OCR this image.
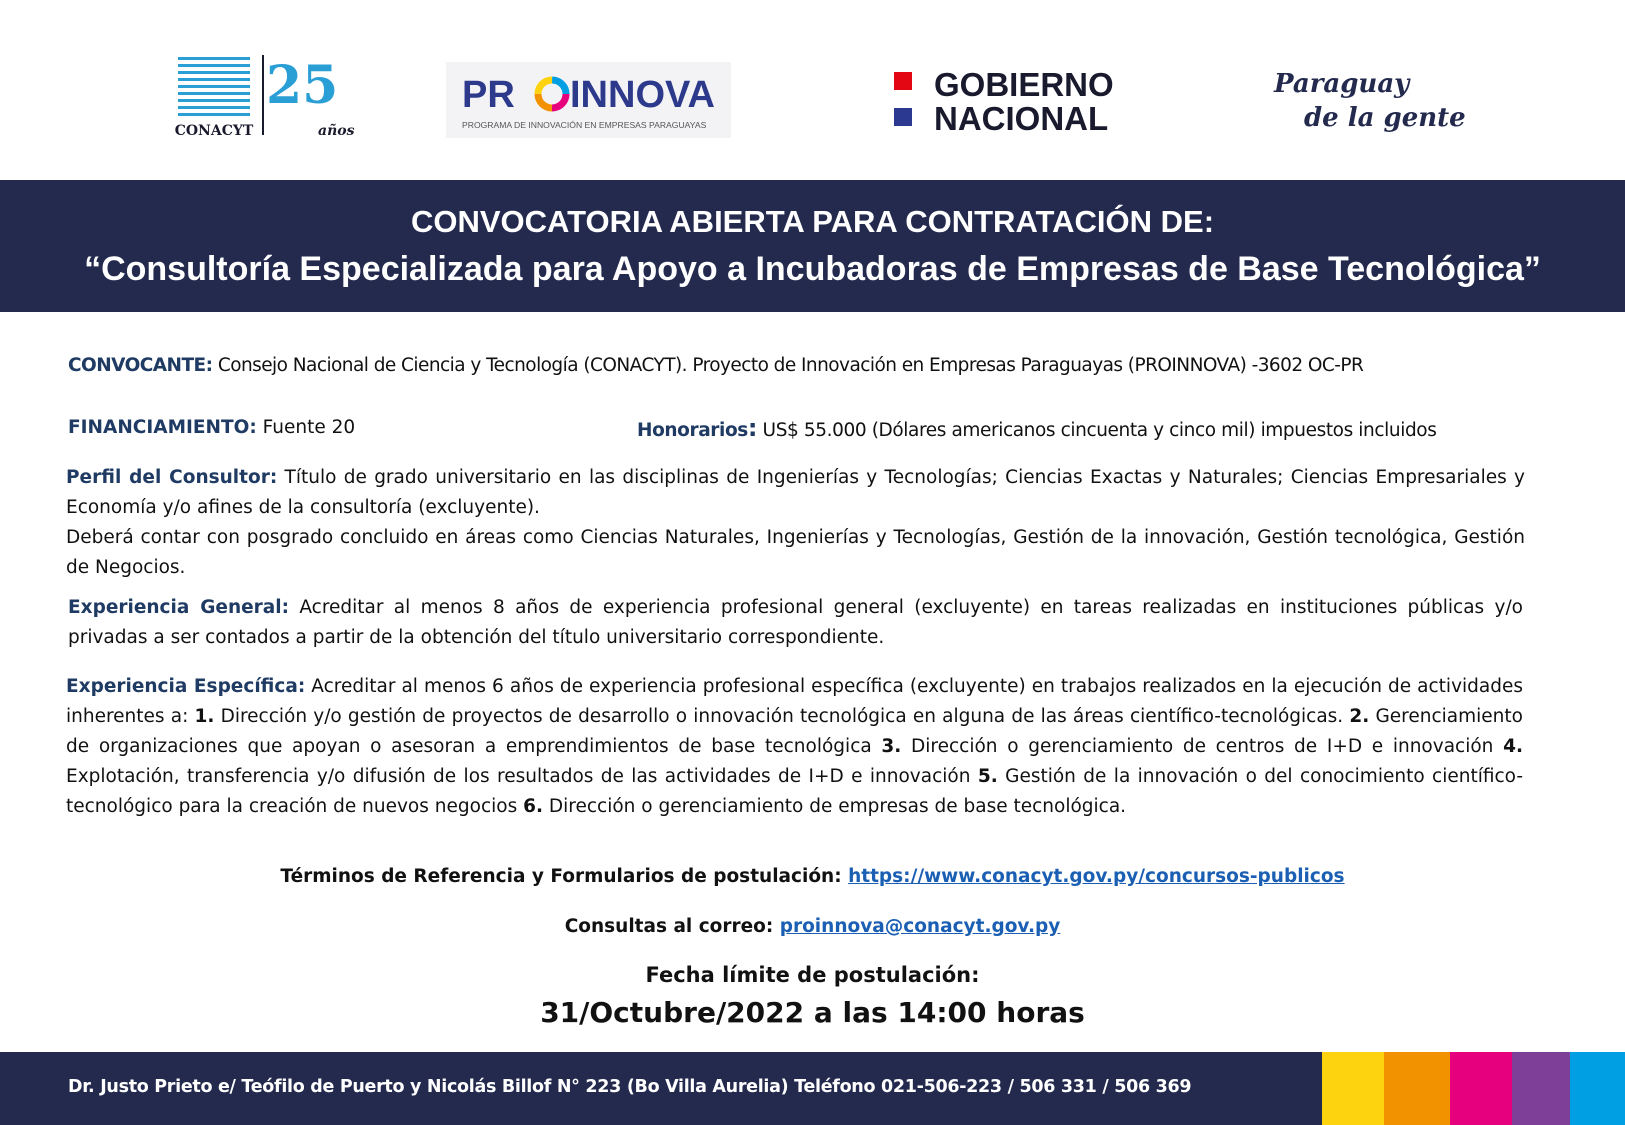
CONACYT
25
años
PR INNOVA
PROGRAMA DE INNOVACIÓN EN EMPRESAS PARAGUAYAS
GOBIERNO
NACIONAL
Paraguay
de la gente
CONVOCATORIA ABIERTA PARA CONTRATACIÓN DE:
“Consultoría Especializada para Apoyo a Incubadoras de Empresas de Base Tecnológica”
CONVOCANTE: Consejo Nacional de Ciencia y Tecnología (CONACYT). Proyecto de Innovación en Empresas Paraguayas (PROINNOVA) -3602 OC-PR
FINANCIAMIENTO: Fuente 20	Honorarios: US$ 55.000 (Dólares americanos cincuenta y cinco mil) impuestos incluidos
Perfil del Consultor: Título de grado universitario en las disciplinas de Ingenierías y Tecnologías; Ciencias Exactas y Naturales; Ciencias Empresariales y Economía y/o afines de la consultoría (excluyente).
Deberá contar con posgrado concluido en áreas como Ciencias Naturales, Ingenierías y Tecnologías, Gestión de la innovación, Gestión tecnológica, Gestión de Negocios.
Experiencia General: Acreditar al menos 8 años de experiencia profesional general (excluyente) en tareas realizadas en instituciones públicas y/o privadas a ser contados a partir de la obtención del título universitario correspondiente.
Experiencia Específica: Acreditar al menos 6 años de experiencia profesional específica (excluyente) en trabajos realizados en la ejecución de actividades inherentes a: 1. Dirección y/o gestión de proyectos de desarrollo o innovación tecnológica en alguna de las áreas científico-tecnológicas. 2. Gerenciamiento de organizaciones que apoyan o asesoran a emprendimientos de base tecnológica 3. Dirección o gerenciamiento de centros de I+D e innovación 4. Explotación, transferencia y/o difusión de los resultados de las actividades de I+D e innovación 5. Gestión de la innovación o del conocimiento científico-tecnológico para la creación de nuevos negocios 6. Dirección o gerenciamiento de empresas de base tecnológica.
Términos de Referencia y Formularios de postulación: https://www.conacyt.gov.py/concursos-publicos
Consultas al correo: proinnova@conacyt.gov.py
Fecha límite de postulación:
31/Octubre/2022 a las 14:00 horas
Dr. Justo Prieto e/ Teófilo de Puerto y Nicolás Billof N° 223 (Bo Villa Aurelia) Teléfono 021-506-223 / 506 331 / 506 369
